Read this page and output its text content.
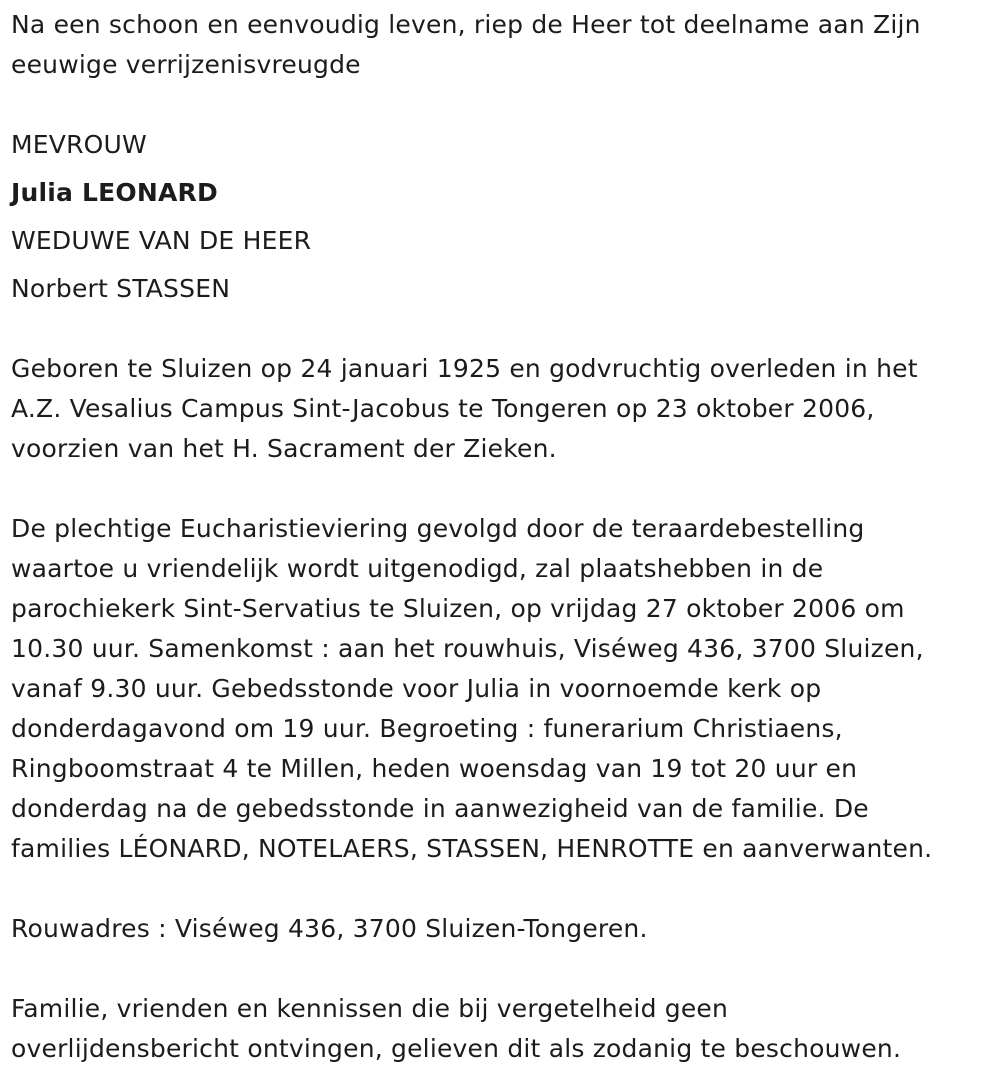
Na een schoon en eenvoudig leven, riep de Heer tot deelname aan Zijn
eeuwige verrijzenisvreugde
MEVROUW
Julia LEONARD
WEDUWE VAN DE HEER
Norbert STASSEN
Geboren te Sluizen op 24 januari 1925 en godvruchtig overleden in het
A.Z. Vesalius Campus Sint-Jacobus te Tongeren op 23 oktober 2006,
voorzien van het H. Sacrament der Zieken.
De plechtige Eucharistieviering gevolgd door de teraardebestelling
waartoe u vriendelijk wordt uitgenodigd, zal plaatshebben in de
parochiekerk Sint-Servatius te Sluizen, op vrijdag 27 oktober 2006 om
10.30 uur. Samenkomst : aan het rouwhuis, Viséweg 436, 3700 Sluizen,
vanaf 9.30 uur. Gebedsstonde voor Julia in voornoemde kerk op
donderdagavond om 19 uur. Begroeting : funerarium Christiaens,
Ringboomstraat 4 te Millen, heden woensdag van 19 tot 20 uur en
donderdag na de gebedsstonde in aanwezigheid van de familie. De
families LÉONARD, NOTELAERS, STASSEN, HENROTTE en aanverwanten.
Rouwadres : Viséweg 436, 3700 Sluizen-Tongeren.
Familie, vrienden en kennissen die bij vergetelheid geen
overlijdensbericht ontvingen, gelieven dit als zodanig te beschouwen.
